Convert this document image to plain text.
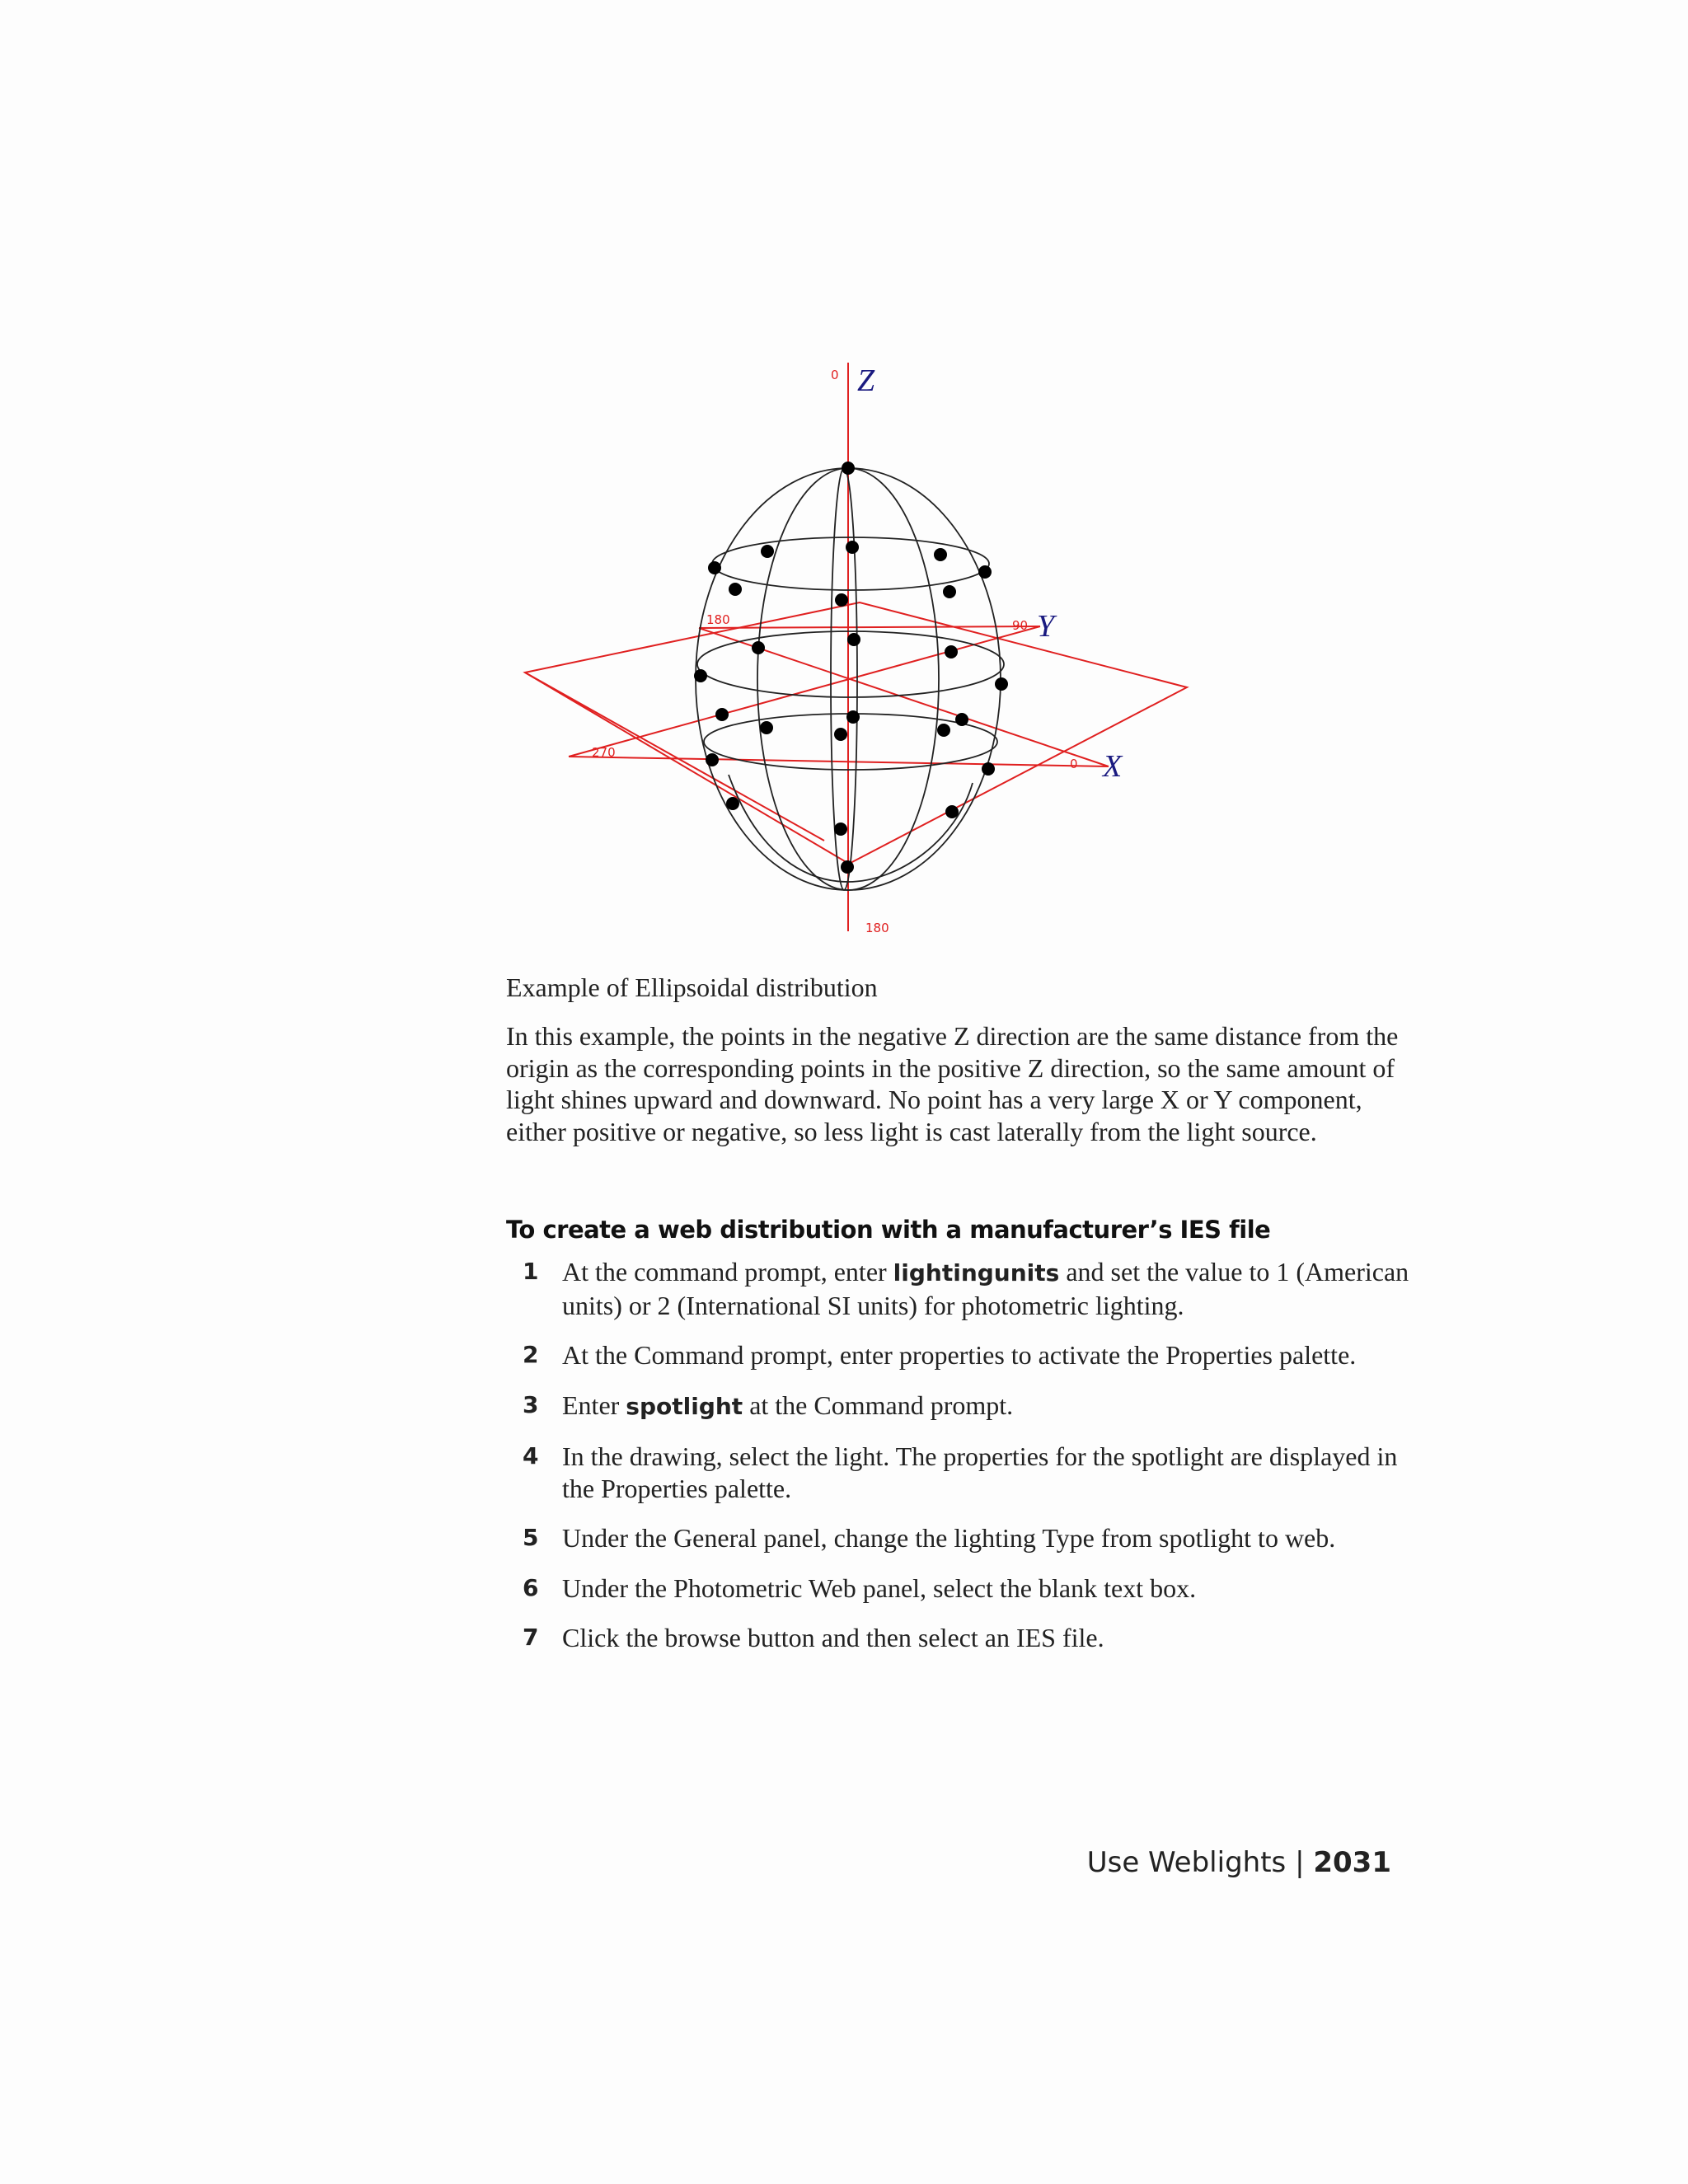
0
180
180	90
270
0
Z
Y
X

Example of Ellipsoidal distribution

In this example, the points in the negative Z direction are the same distance from the origin as the corresponding points in the positive Z direction, so the same amount of light shines upward and downward. No point has a very large X or Y component, either positive or negative, so less light is cast laterally from the light source.

To create a web distribution with a manufacturer’s IES file
1 At the command prompt, enter lightingunits and set the value to 1 (American units) or 2 (International SI units) for photometric lighting.
2 At the Command prompt, enter properties to activate the Properties palette.
3 Enter spotlight at the Command prompt.
4 In the drawing, select the light. The properties for the spotlight are displayed in the Properties palette.
5 Under the General panel, change the lighting Type from spotlight to web.
6 Under the Photometric Web panel, select the blank text box.
7 Click the browse button and then select an IES file.
Use Weblights | 2031
